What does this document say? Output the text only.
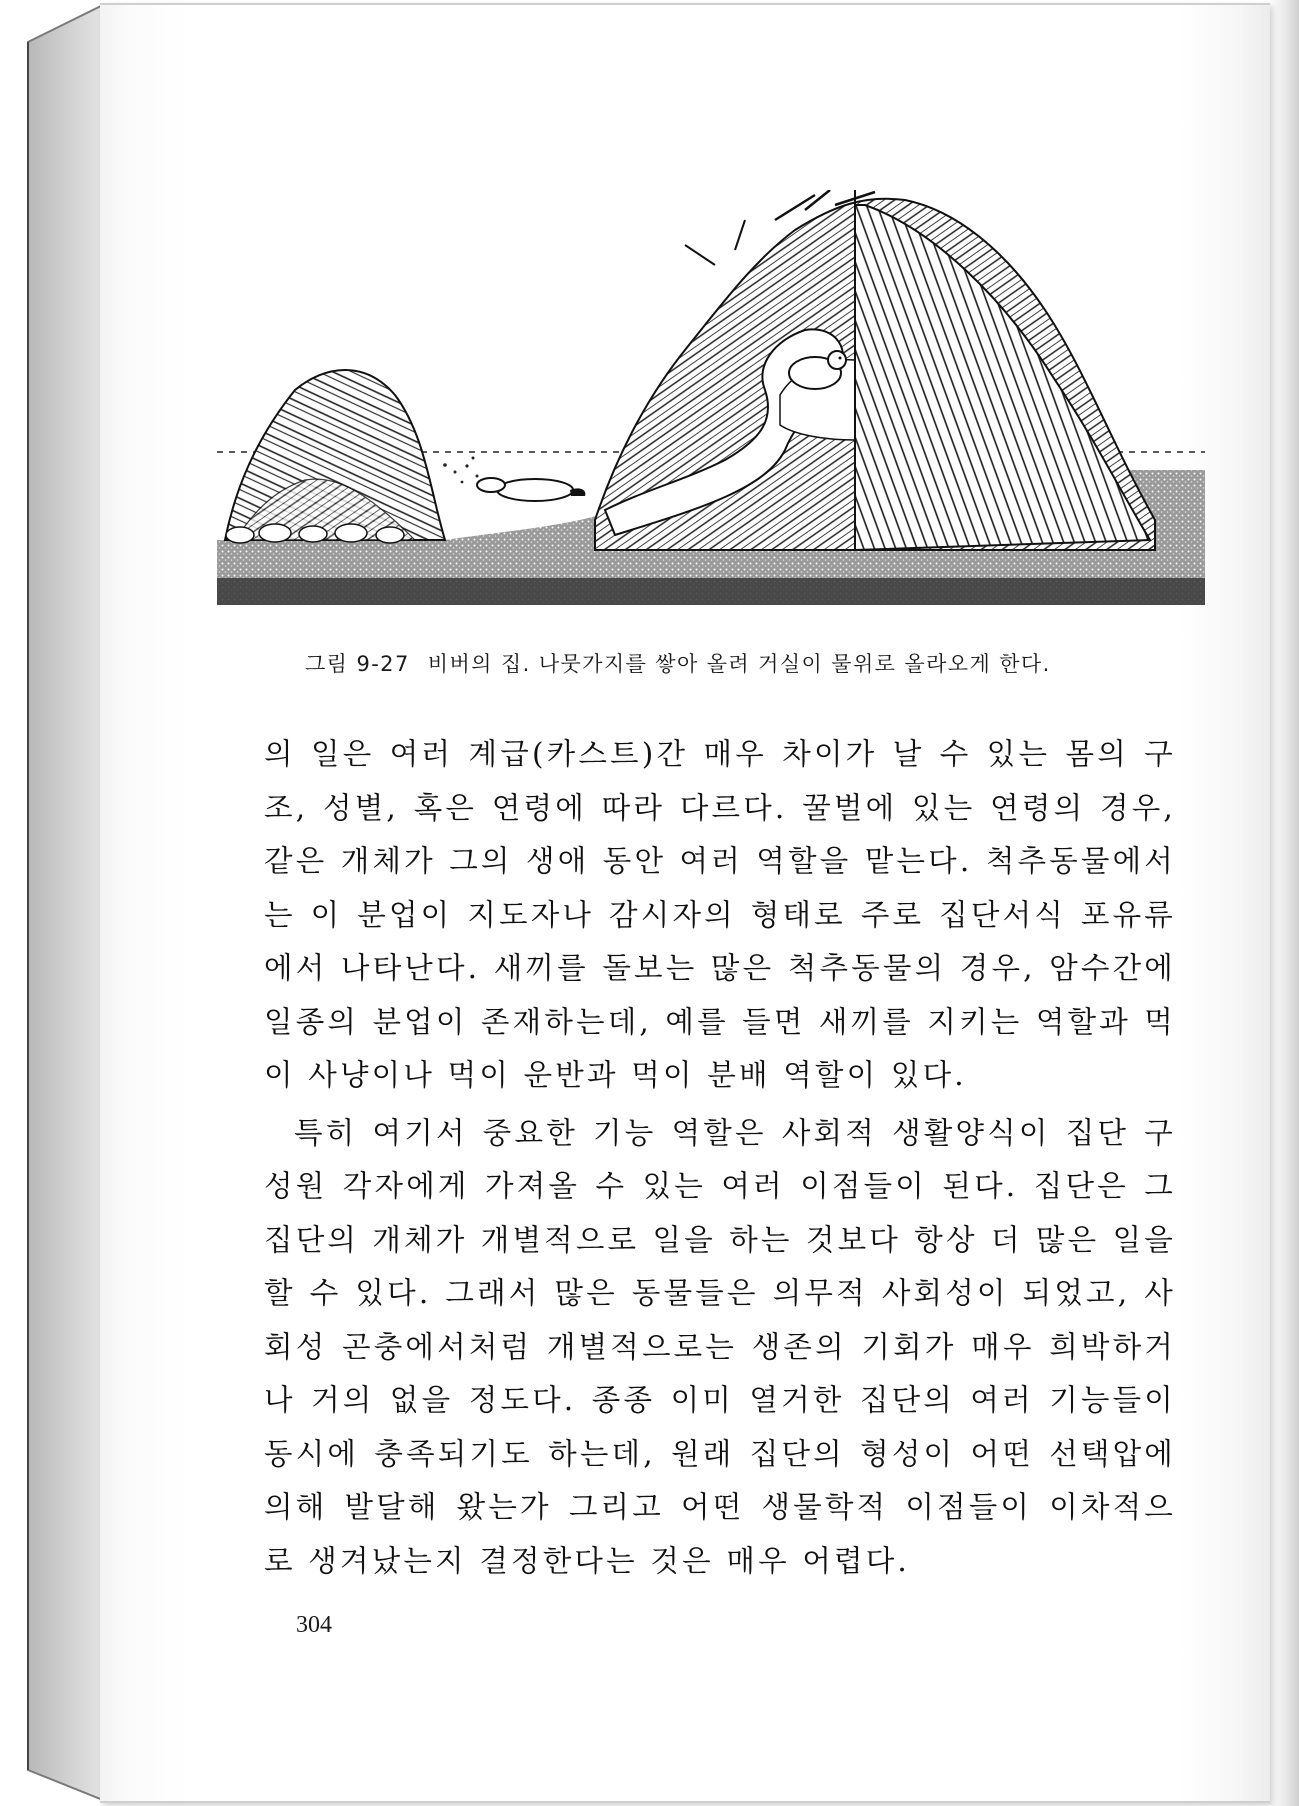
그림 9-27 비버의 집. 나뭇가지를 쌓아 올려 거실이 물위로 올라오게 한다.

의 일은 여러 계급(카스트)간 매우 차이가 날 수 있는 몸의 구조, 성별, 혹은 연령에 따라 다르다. 꿀벌에 있는 연령의 경우, 같은 개체가 그의 생애 동안 여러 역할을 맡는다. 척추동물에서는 이 분업이 지도자나 감시자의 형태로 주로 집단서식 포유류에서 나타난다. 새끼를 돌보는 많은 척추동물의 경우, 암수간에 일종의 분업이 존재하는데, 예를 들면 새끼를 지키는 역할과 먹이 사냥이나 먹이 운반과 먹이 분배 역할이 있다.

특히 여기서 중요한 기능 역할은 사회적 생활양식이 집단 구성원 각자에게 가져올 수 있는 여러 이점들이 된다. 집단은 그 집단의 개체가 개별적으로 일을 하는 것보다 항상 더 많은 일을 할 수 있다. 그래서 많은 동물들은 의무적 사회성이 되었고, 사회성 곤충에서처럼 개별적으로는 생존의 기회가 매우 희박하거나 거의 없을 정도다. 종종 이미 열거한 집단의 여러 기능들이 동시에 충족되기도 하는데, 원래 집단의 형성이 어떤 선택압에 의해 발달해 왔는가 그리고 어떤 생물학적 이점들이 이차적으로 생겨났는지 결정한다는 것은 매우 어렵다.

304
